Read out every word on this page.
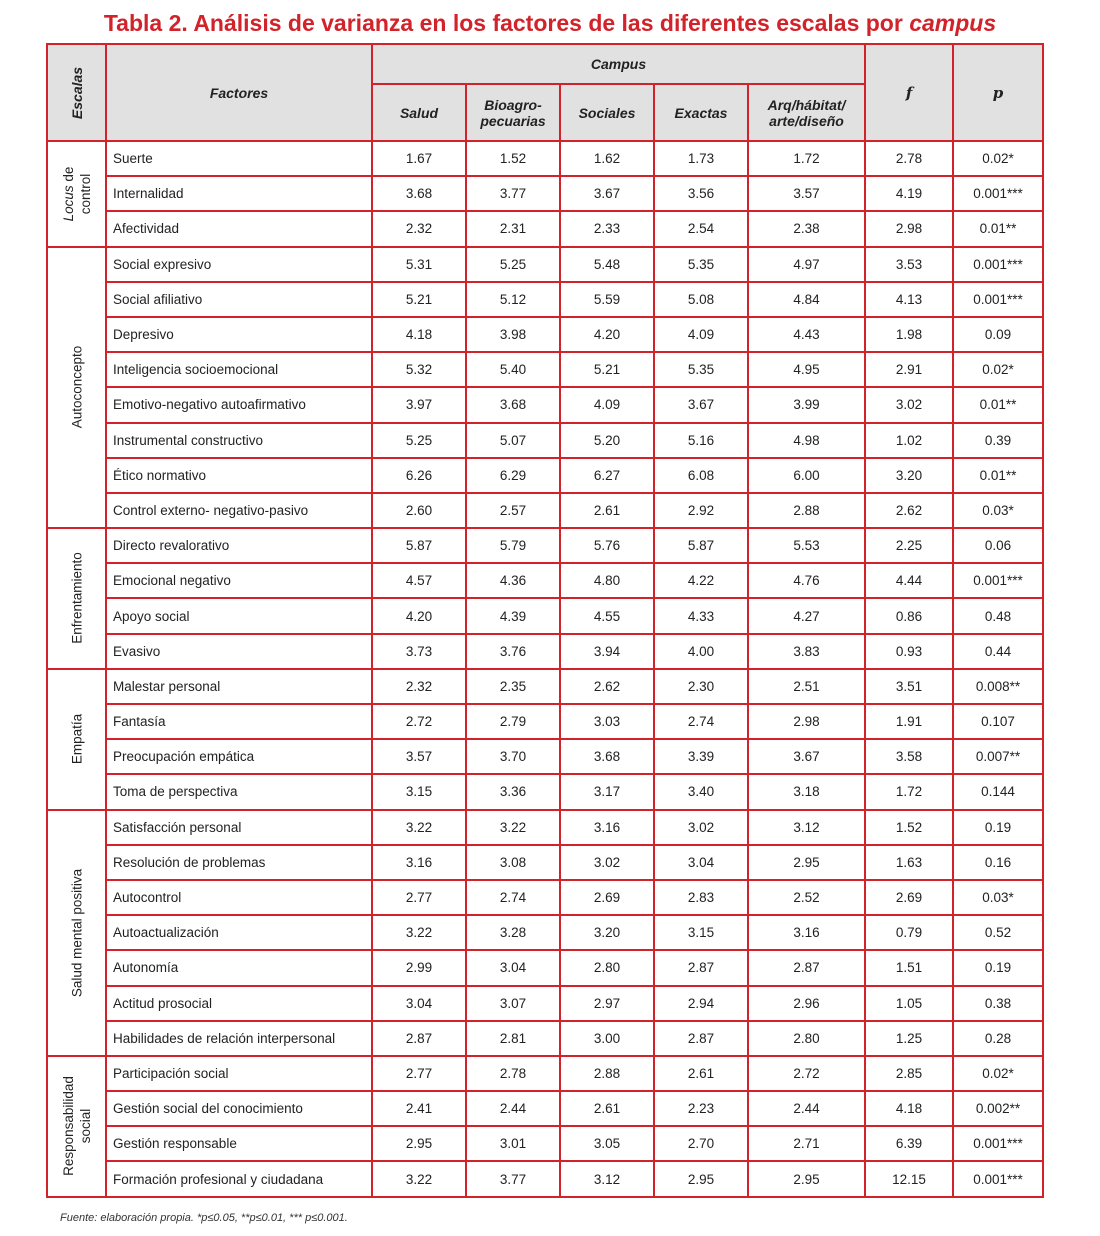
Tabla 2. Análisis de varianza en los factores de las diferentes escalas por campus
Escalas	Factores	Campus					f	p
		Salud	Bioagro-pecuarias	Sociales	Exactas	Arq/hábitat/ arte/diseño		

Locus de control	Suerte	1.67	1.52	1.62	1.73	1.72	2.78	0.02*
	Internalidad	3.68	3.77	3.67	3.56	3.57	4.19	0.001***
	Afectividad	2.32	2.31	2.33	2.54	2.38	2.98	0.01**

Autoconcepto	Social expresivo	5.31	5.25	5.48	5.35	4.97	3.53	0.001***
	Social afiliativo	5.21	5.12	5.59	5.08	4.84	4.13	0.001***
	Depresivo	4.18	3.98	4.20	4.09	4.43	1.98	0.09
	Inteligencia socioemocional	5.32	5.40	5.21	5.35	4.95	2.91	0.02*
	Emotivo-negativo autoafirmativo	3.97	3.68	4.09	3.67	3.99	3.02	0.01**
	Instrumental constructivo	5.25	5.07	5.20	5.16	4.98	1.02	0.39
	Ético normativo	6.26	6.29	6.27	6.08	6.00	3.20	0.01**
	Control externo- negativo-pasivo	2.60	2.57	2.61	2.92	2.88	2.62	0.03*

Enfrentamiento	Directo revalorativo	5.87	5.79	5.76	5.87	5.53	2.25	0.06
	Emocional negativo	4.57	4.36	4.80	4.22	4.76	4.44	0.001***
	Apoyo social	4.20	4.39	4.55	4.33	4.27	0.86	0.48
	Evasivo	3.73	3.76	3.94	4.00	3.83	0.93	0.44

Empatía	Malestar personal	2.32	2.35	2.62	2.30	2.51	3.51	0.008**
	Fantasía	2.72	2.79	3.03	2.74	2.98	1.91	0.107
	Preocupación empática	3.57	3.70	3.68	3.39	3.67	3.58	0.007**
	Toma de perspectiva	3.15	3.36	3.17	3.40	3.18	1.72	0.144

Salud mental positiva	Satisfacción personal	3.22	3.22	3.16	3.02	3.12	1.52	0.19
	Resolución de problemas	3.16	3.08	3.02	3.04	2.95	1.63	0.16
	Autocontrol	2.77	2.74	2.69	2.83	2.52	2.69	0.03*
	Autoactualización	3.22	3.28	3.20	3.15	3.16	0.79	0.52
	Autonomía	2.99	3.04	2.80	2.87	2.87	1.51	0.19
	Actitud prosocial	3.04	3.07	2.97	2.94	2.96	1.05	0.38
	Habilidades de relación interpersonal	2.87	2.81	3.00	2.87	2.80	1.25	0.28

Responsabilidad social	Participación social	2.77	2.78	2.88	2.61	2.72	2.85	0.02*
	Gestión social del conocimiento	2.41	2.44	2.61	2.23	2.44	4.18	0.002**
	Gestión responsable	2.95	3.01	3.05	2.70	2.71	6.39	0.001***
	Formación profesional y ciudadana	3.22	3.77	3.12	2.95	2.95	12.15	0.001***
Fuente: elaboración propia. *p≤0.05, **p≤0.01, *** p≤0.001.
